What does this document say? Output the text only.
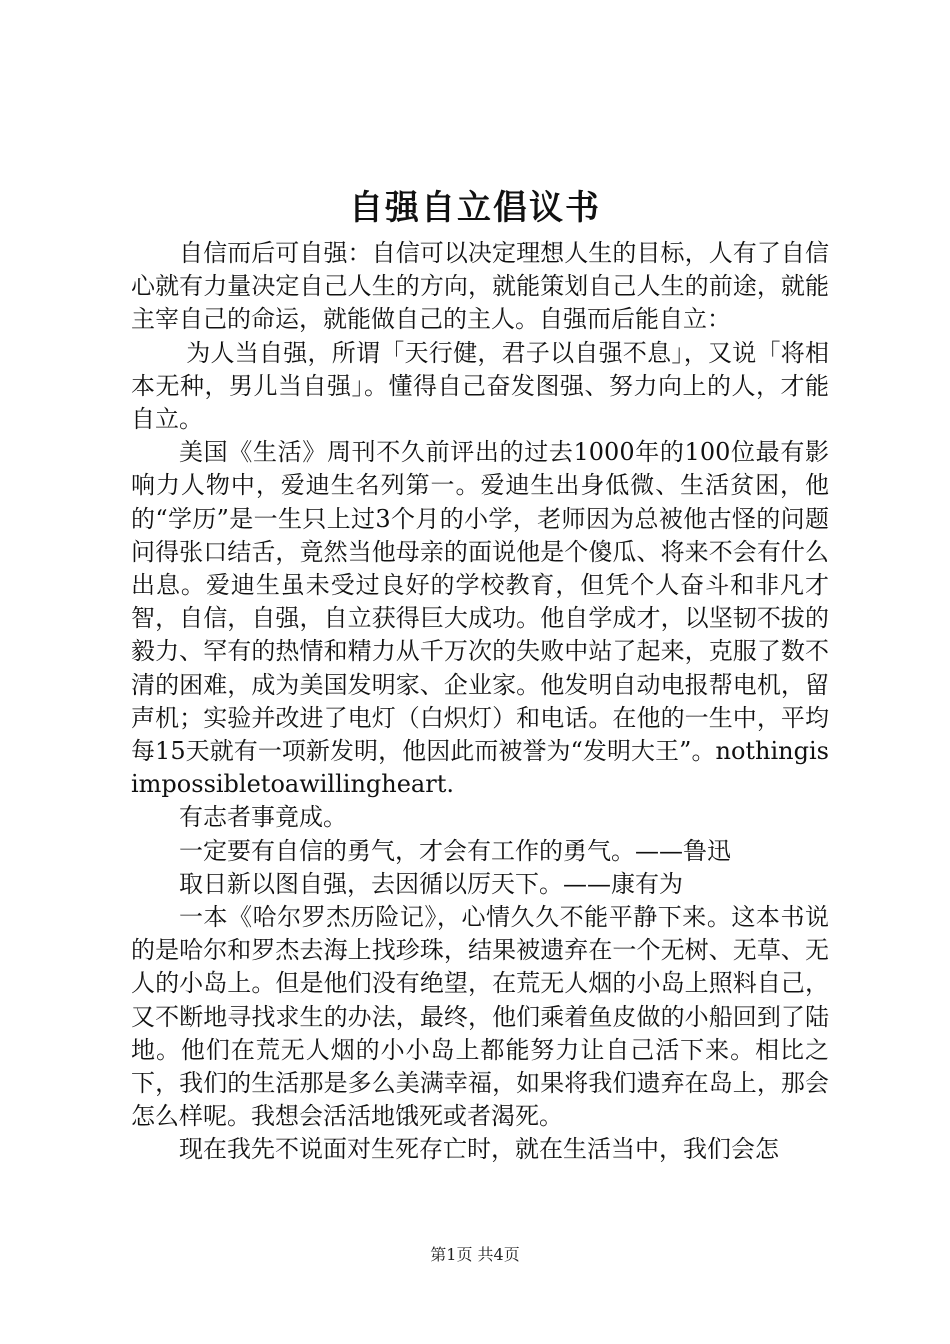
自强自立倡议书

自信而后可自强：自信可以决定理想人生的目标，人有了自信心就有力量决定自己人生的方向，就能策划自己人生的前途，就能主宰自己的命运，就能做自己的主人。自强而后能自立：

为人当自强，所谓「天行健，君子以自强不息」，又说「将相本无种，男儿当自强」。懂得自己奋发图强、努力向上的人，才能自立。

美国《生活》周刊不久前评出的过去1000年的100位最有影响力人物中，爱迪生名列第一。爱迪生出身低微、生活贫困，他的“学历”是一生只上过3个月的小学，老师因为总被他古怪的问题问得张口结舌，竟然当他母亲的面说他是个傻瓜、将来不会有什么出息。爱迪生虽未受过良好的学校教育，但凭个人奋斗和非凡才智，自信，自强，自立获得巨大成功。他自学成才，以坚韧不拔的毅力、罕有的热情和精力从千万次的失败中站了起来，克服了数不清的困难，成为美国发明家、企业家。他发明自动电报帮电机，留声机；实验并改进了电灯（白炽灯）和电话。在他的一生中，平均每15天就有一项新发明，他因此而被誉为“发明大王”。nothingisimpossibletoawillingheart.

有志者事竟成。

一定要有自信的勇气，才会有工作的勇气。——鲁迅

取日新以图自强，去因循以厉天下。——康有为

一本《哈尔罗杰历险记》，心情久久不能平静下来。这本书说的是哈尔和罗杰去海上找珍珠，结果被遗弃在一个无树、无草、无人的小岛上。但是他们没有绝望，在荒无人烟的小岛上照料自己，又不断地寻找求生的办法，最终，他们乘着鱼皮做的小船回到了陆地。他们在荒无人烟的小小岛上都能努力让自己活下来。相比之下，我们的生活那是多么美满幸福，如果将我们遗弃在岛上，那会怎么样呢。我想会活活地饿死或者渴死。

现在我先不说面对生死存亡时，就在生活当中，我们会怎

第1页 共4页
